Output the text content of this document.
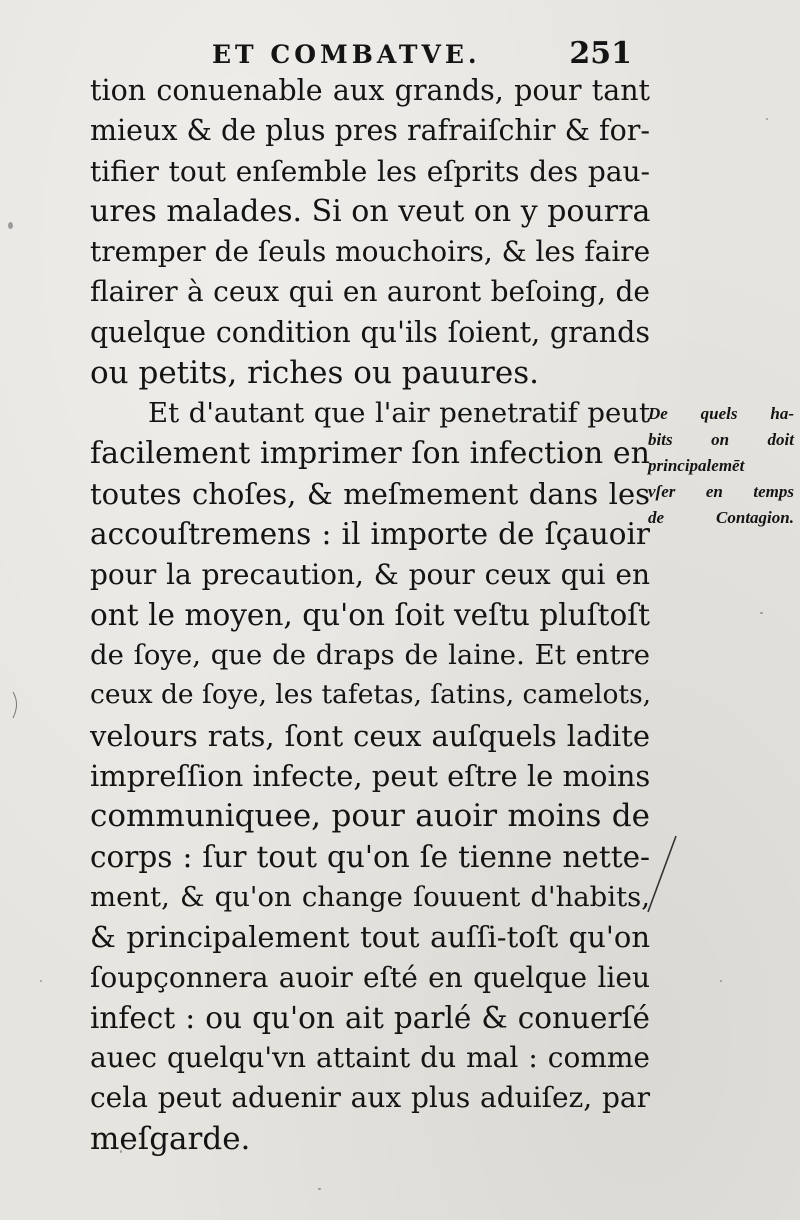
ET COMBATVE.	251
tion conuenable aux grands, pour tant
mieux & de plus pres rafraiſchir & for-
tifier tout enſemble les eſprits des pau-
ures malades. Si on veut on y pourra
tremper de ſeuls mouchoirs, & les faire
flairer à ceux qui en auront beſoing, de
quelque condition qu'ils ſoient, grands
ou petits, riches ou pauures.
Et d'autant que l'air penetratif peut
facilement imprimer ſon infection en
toutes choſes, & meſmement dans les
accouſtremens : il importe de ſçauoir
pour la precaution, & pour ceux qui en
ont le moyen, qu'on ſoit veſtu pluſtoſt
de ſoye, que de draps de laine. Et entre
ceux de ſoye, les tafetas, ſatins, camelots,
velours rats, ſont ceux auſquels ladite
impreſſion infecte, peut eſtre le moins
communiquee, pour auoir moins de
corps : ſur tout qu'on ſe tienne nette-
ment, & qu'on change ſouuent d'habits,
& principalement tout auſſi-toſt qu'on
ſoupçonnera auoir eſté en quelque lieu
infect : ou qu'on ait parlé & conuerſé
auec quelqu'vn attaint du mal : comme
cela peut aduenir aux plus aduiſez, par
meſgarde.
De quels ha-
bits on doit
principalemēt
vſer en temps
de Contagion.
